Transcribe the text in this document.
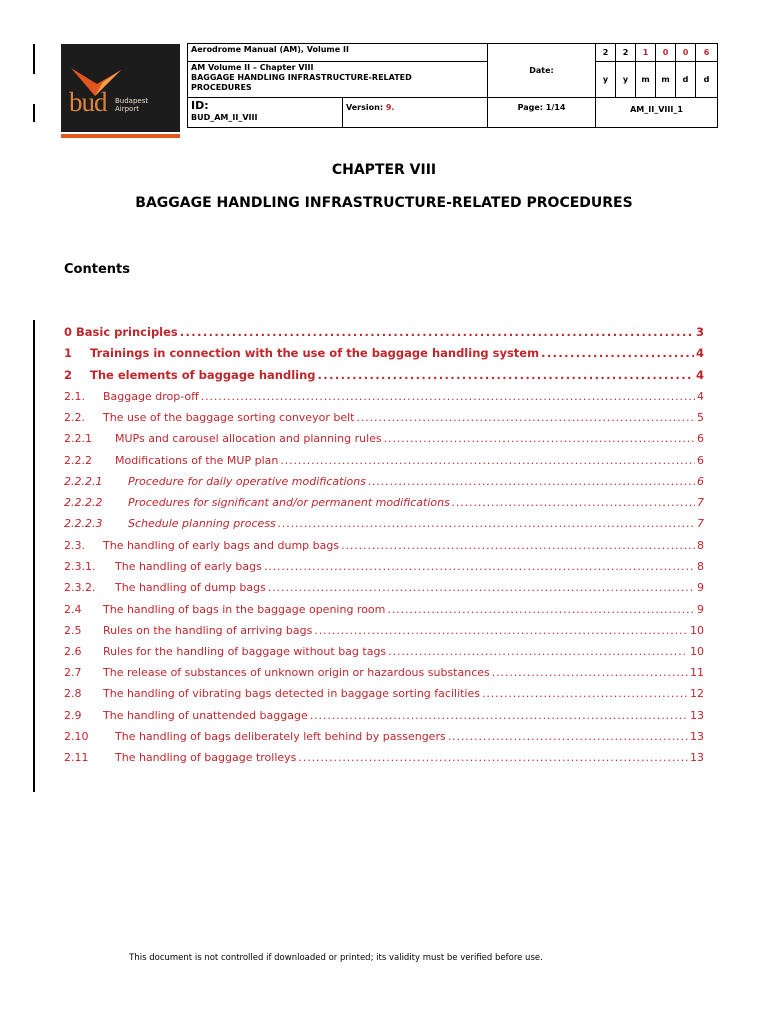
bud Budapest
Airport
Aerodrome Manual (AM), Volume II		Date:	2	2	1	0	0	6

AM Volume II – Chapter VIII
BAGGAGE HANDLING INFRASTRUCTURE-RELATED
PROCEDURES			y	y	m	m	d	d

ID:
BUD_AM_II_VIII	Version: 9.	Page: 1/14	AM_II_VIII_1					
CHAPTER VIII
BAGGAGE HANDLING INFRASTRUCTURE-RELATED PROCEDURES
Contents
0 Basic principles . . .	3
1	Trainings in connection with the use of the baggage handling system . . .	4
2	The elements of baggage handling . . .	4
2.1.	Baggage drop-off . . .	4
2.2.	The use of the baggage sorting conveyor belt . . .	5
2.2.1	MUPs and carousel allocation and planning rules . . .	6
2.2.2	Modifications of the MUP plan . . .	6
2.2.2.1	Procedure for daily operative modifications . . .	6
2.2.2.2	Procedures for significant and/or permanent modifications . . .	7
2.2.2.3	Schedule planning process . . .	7
2.3.	The handling of early bags and dump bags . . .	8
2.3.1.	The handling of early bags . . .	8
2.3.2.	The handling of dump bags . . .	9
2.4	The handling of bags in the baggage opening room . . .	9
2.5	Rules on the handling of arriving bags . . .	10
2.6	Rules for the handling of baggage without bag tags . . .	10
2.7	The release of substances of unknown origin or hazardous substances . . .	11
2.8	The handling of vibrating bags detected in baggage sorting facilities . . .	12
2.9	The handling of unattended baggage . . .	13
2.10	The handling of bags deliberately left behind by passengers . . .	13
2.11	The handling of baggage trolleys . . .	13
This document is not controlled if downloaded or printed; its validity must be verified before use.
